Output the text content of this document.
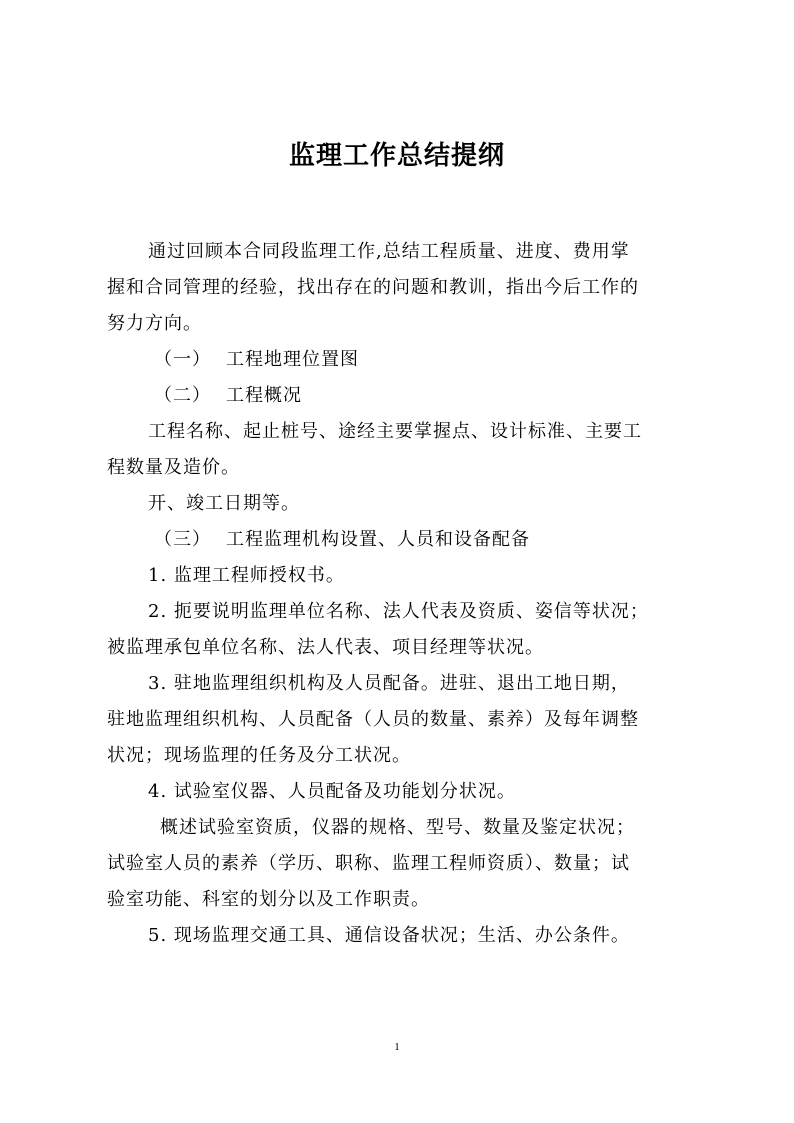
监理工作总结提纲
通过回顾本合同段监理工作,总结工程质量、进度、费用掌
握和合同管理的经验，找出存在的问题和教训，指出今后工作的
努力方向。
（一） 工程地理位置图
（二） 工程概况
工程名称、起止桩号、途经主要掌握点、设计标准、主要工
程数量及造价。
开、竣工日期等。
（三） 工程监理机构设置、人员和设备配备
1. 监理工程师授权书。
2. 扼要说明监理单位名称、法人代表及资质、姿信等状况；
被监理承包单位名称、法人代表、项目经理等状况。
3. 驻地监理组织机构及人员配备。进驻、退出工地日期，
驻地监理组织机构、人员配备（人员的数量、素养）及每年调整
状况；现场监理的任务及分工状况。
4. 试验室仪器、人员配备及功能划分状况。
概述试验室资质，仪器的规格、型号、数量及鉴定状况；
试验室人员的素养（学历、职称、监理工程师资质）、数量；试
验室功能、科室的划分以及工作职责。
5. 现场监理交通工具、通信设备状况；生活、办公条件。
1
